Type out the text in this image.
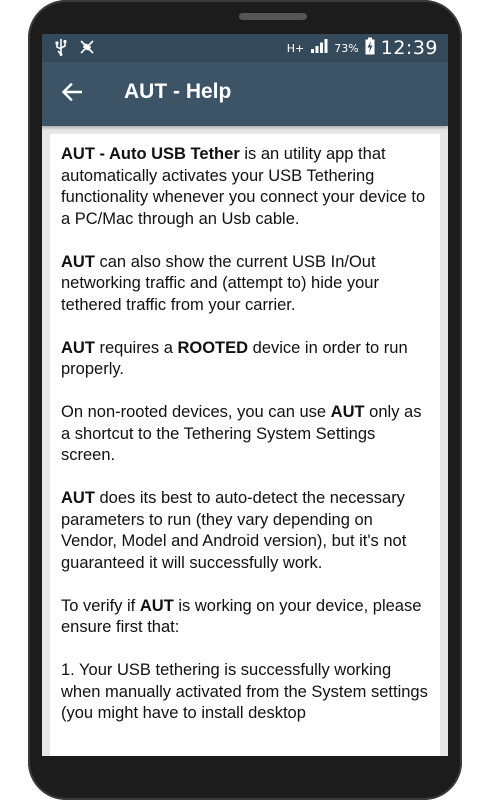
H+	73% 12:39
AUT - Help

AUT - Auto USB Tether is an utility app that automatically activates your USB Tethering functionality whenever you connect your device to a PC/Mac through an Usb cable.

AUT can also show the current USB In/Out networking traffic and (attempt to) hide your tethered traffic from your carrier.

AUT requires a ROOTED device in order to run properly.

On non-rooted devices, you can use AUT only as a shortcut to the Tethering System Settings screen.

AUT does its best to auto-detect the necessary parameters to run (they vary depending on Vendor, Model and Android version), but it's not guaranteed it will successfully work.

To verify if AUT is working on your device, please ensure first that:

1. Your USB tethering is successfully working when manually activated from the System settings (you might have to install desktop
